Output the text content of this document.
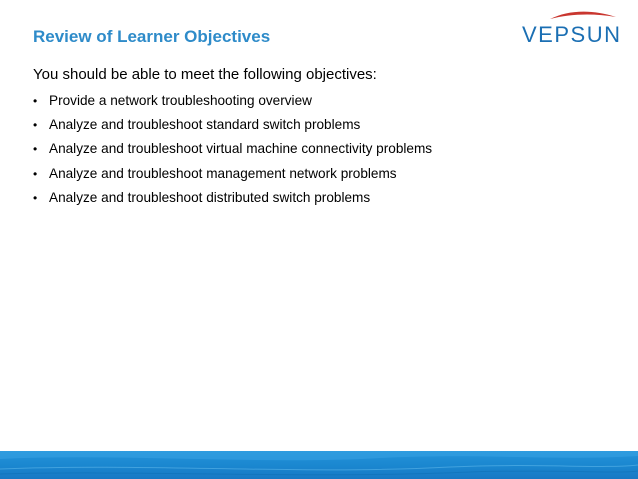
Review of Learner Objectives	VEPSUN
You should be able to meet the following objectives:
• Provide a network troubleshooting overview
• Analyze and troubleshoot standard switch problems
• Analyze and troubleshoot virtual machine connectivity problems
• Analyze and troubleshoot management network problems
• Analyze and troubleshoot distributed switch problems
